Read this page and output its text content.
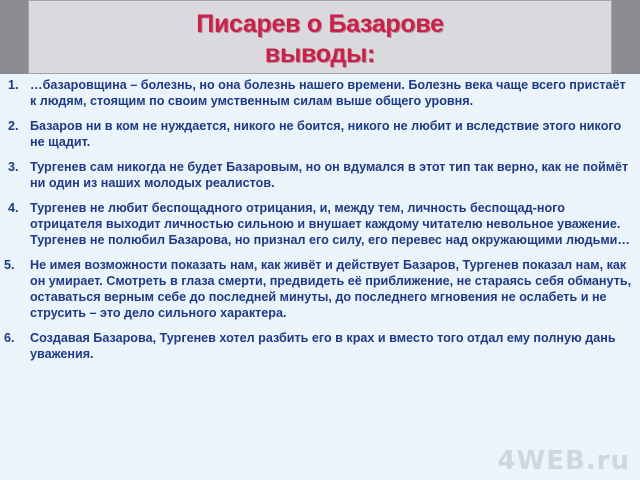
Писарев о Базарове
выводы:
1. …базаровщина – болезнь, но она болезнь нашего времени. Болезнь века чаще всего пристаёт к людям, стоящим по своим умственным силам выше общего уровня.
2. Базаров ни в ком не нуждается, никого не боится, никого не любит и вследствие этого никого не щадит.
3. Тургенев сам никогда не будет Базаровым, но он вдумался в этот тип так верно, как не поймёт ни один из наших молодых реалистов.
4. Тургенев не любит беспощадного отрицания, и, между тем, личность беспощад-ного отрицателя выходит личностью сильною и внушает каждому читателю невольное уважение. Тургенев не полюбил Базарова, но признал его силу, его перевес над окружающими людьми…
5. Не имея возможности показать нам, как живёт и действует Базаров, Тургенев показал нам, как он умирает. Смотреть в глаза смерти, предвидеть её приближение, не стараясь себя обмануть, оставаться верным себе до последней минуты, до последнего мгновения не ослабеть и не струсить – это дело сильного характера.
6. Создавая Базарова, Тургенев хотел разбить его в крах и вместо того отдал ему полную дань уважения.
4WEB.ru
